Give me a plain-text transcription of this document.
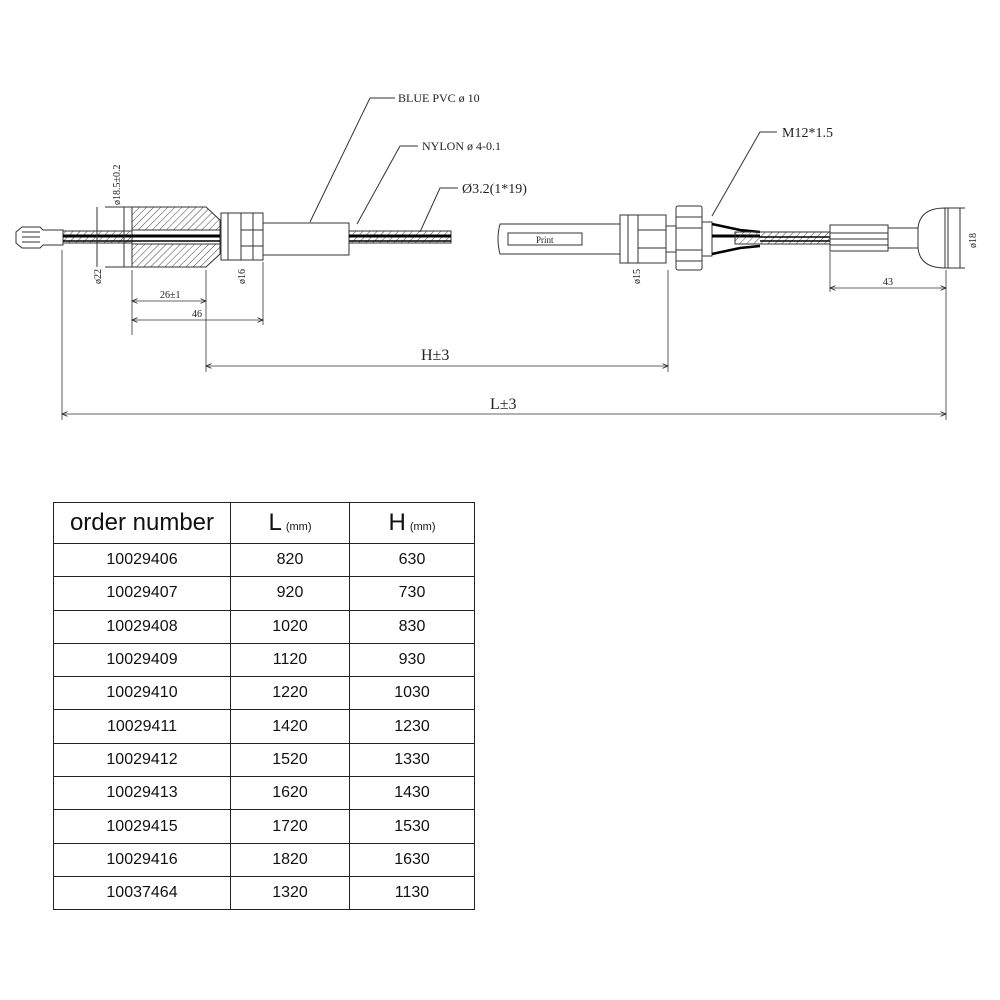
BLUE PVC ø 10
NYLON ø 4-0.1
Ø3.2(1*19)
M12*1.5
ø18.5±0.2
ø22	ø16	ø15
ø18
26±1
46
43
H±3
L±3
Print
order number	L (mm)	H (mm)
10029406	820	630
10029407	920	730
10029408	1020	830
10029409	1120	930
10029410	1220	1030
10029411	1420	1230
10029412	1520	1330
10029413	1620	1430
10029415	1720	1530
10029416	1820	1630
10037464	1320	1130
